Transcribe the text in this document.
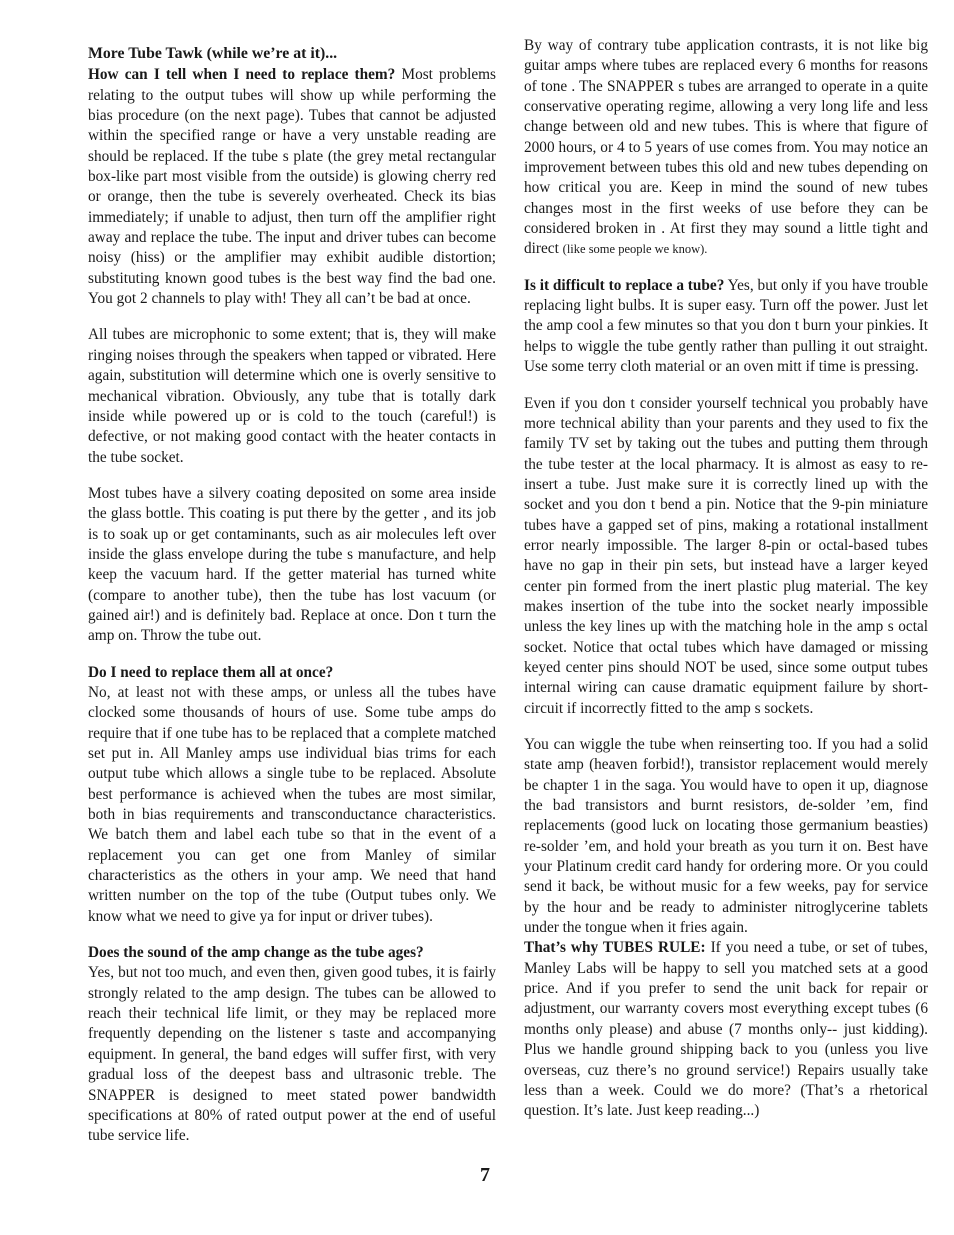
More Tube Tawk (while we’re at it)...

How can I tell when I need to replace them? Most problems relating to the output tubes will show up while performing the bias procedure (on the next page). Tubes that cannot be adjusted within the specified range or have a very unstable reading are should be replaced. If the tube s plate (the grey metal rectangular box-like part most visible from the outside) is glowing cherry red or orange, then the tube is severely overheated. Check its bias immediately; if unable to adjust, then turn off the amplifier right away and replace the tube. The input and driver tubes can become noisy (hiss) or the amplifier may exhibit audible distortion; substituting known good tubes is the best way find the bad one. You got 2 channels to play with! They all can’t be bad at once.

All tubes are microphonic to some extent; that is, they will make ringing noises through the speakers when tapped or vibrated. Here again, substitution will determine which one is overly sensitive to mechanical vibration. Obviously, any tube that is totally dark inside while powered up or is cold to the touch (careful!) is defective, or not making good contact with the heater contacts in the tube socket.

Most tubes have a silvery coating deposited on some area inside the glass bottle. This coating is put there by the getter , and its job is to soak up or get contaminants, such as air molecules left over inside the glass envelope during the tube s manufacture, and help keep the vacuum hard. If the getter material has turned white (compare to another tube), then the tube has lost vacuum (or gained air!) and is definitely bad. Replace at once. Don t turn the amp on. Throw the tube out.

Do I need to replace them all at once?

No, at least not with these amps, or unless all the tubes have clocked some thousands of hours of use. Some tube amps do require that if one tube has to be replaced that a complete matched set put in. All Manley amps use individual bias trims for each output tube which allows a single tube to be replaced. Absolute best performance is achieved when the tubes are most similar, both in bias requirements and transconductance characteristics. We batch them and label each tube so that in the event of a replacement you can get one from Manley of similar characteristics as the others in your amp. We need that hand written number on the top of the tube (Output tubes only. We know what we need to give ya for input or driver tubes).

Does the sound of the amp change as the tube ages?

Yes, but not too much, and even then, given good tubes, it is fairly strongly related to the amp design. The tubes can be allowed to reach their technical life limit, or they may be replaced more frequently depending on the listener s taste and accompanying equipment. In general, the band edges will suffer first, with very gradual loss of the deepest bass and ultrasonic treble. The SNAPPER is designed to meet stated power bandwidth specifications at 80% of rated output power at the end of useful tube service life.

By way of contrary tube application contrasts, it is not like big guitar amps where tubes are replaced every 6 months for reasons of tone . The SNAPPER s tubes are arranged to operate in a quite conservative operating regime, allowing a very long life and less change between old and new tubes. This is where that figure of 2000 hours, or 4 to 5 years of use comes from. You may notice an improvement between tubes this old and new tubes depending on how critical you are. Keep in mind the sound of new tubes changes most in the first weeks of use before they can be considered broken in . At first they may sound a little tight and direct (like some people we know).

Is it difficult to replace a tube? Yes, but only if you have trouble replacing light bulbs. It is super easy. Turn off the power. Just let the amp cool a few minutes so that you don t burn your pinkies. It helps to wiggle the tube gently rather than pulling it out straight. Use some terry cloth material or an oven mitt if time is pressing.

Even if you don t consider yourself technical you probably have more technical ability than your parents and they used to fix the family TV set by taking out the tubes and putting them through the tube tester at the local pharmacy. It is almost as easy to re-insert a tube. Just make sure it is correctly lined up with the socket and you don t bend a pin. Notice that the 9-pin miniature tubes have a gapped set of pins, making a rotational installment error nearly impossible. The larger 8-pin or octal-based tubes have no gap in their pin sets, but instead have a larger keyed center pin formed from the inert plastic plug material. The key makes insertion of the tube into the socket nearly impossible unless the key lines up with the matching hole in the amp s octal socket. Notice that octal tubes which have damaged or missing keyed center pins should NOT be used, since some output tubes internal wiring can cause dramatic equipment failure by short-circuit if incorrectly fitted to the amp s sockets.

You can wiggle the tube when reinserting too. If you had a solid state amp (heaven forbid!), transistor replacement would merely be chapter 1 in the saga. You would have to open it up, diagnose the bad transistors and burnt resistors, de-solder ’em, find replacements (good luck on locating those germanium beasties) re-solder ’em, and hold your breath as you turn it on. Best have your Platinum credit card handy for ordering more. Or you could send it back, be without music for a few weeks, pay for service by the hour and be ready to administer nitroglycerine tablets under the tongue when it fries again.

That’s why TUBES RULE: If you need a tube, or set of tubes, Manley Labs will be happy to sell you matched sets at a good price. And if you prefer to send the unit back for repair or adjustment, our warranty covers most everything except tubes (6 months only please) and abuse (7 months only-- just kidding). Plus we handle ground shipping back to you (unless you live overseas, cuz there’s no ground service!) Repairs usually take less than a week. Could we do more? (That’s a rhetorical question. It’s late. Just keep reading...)

7
